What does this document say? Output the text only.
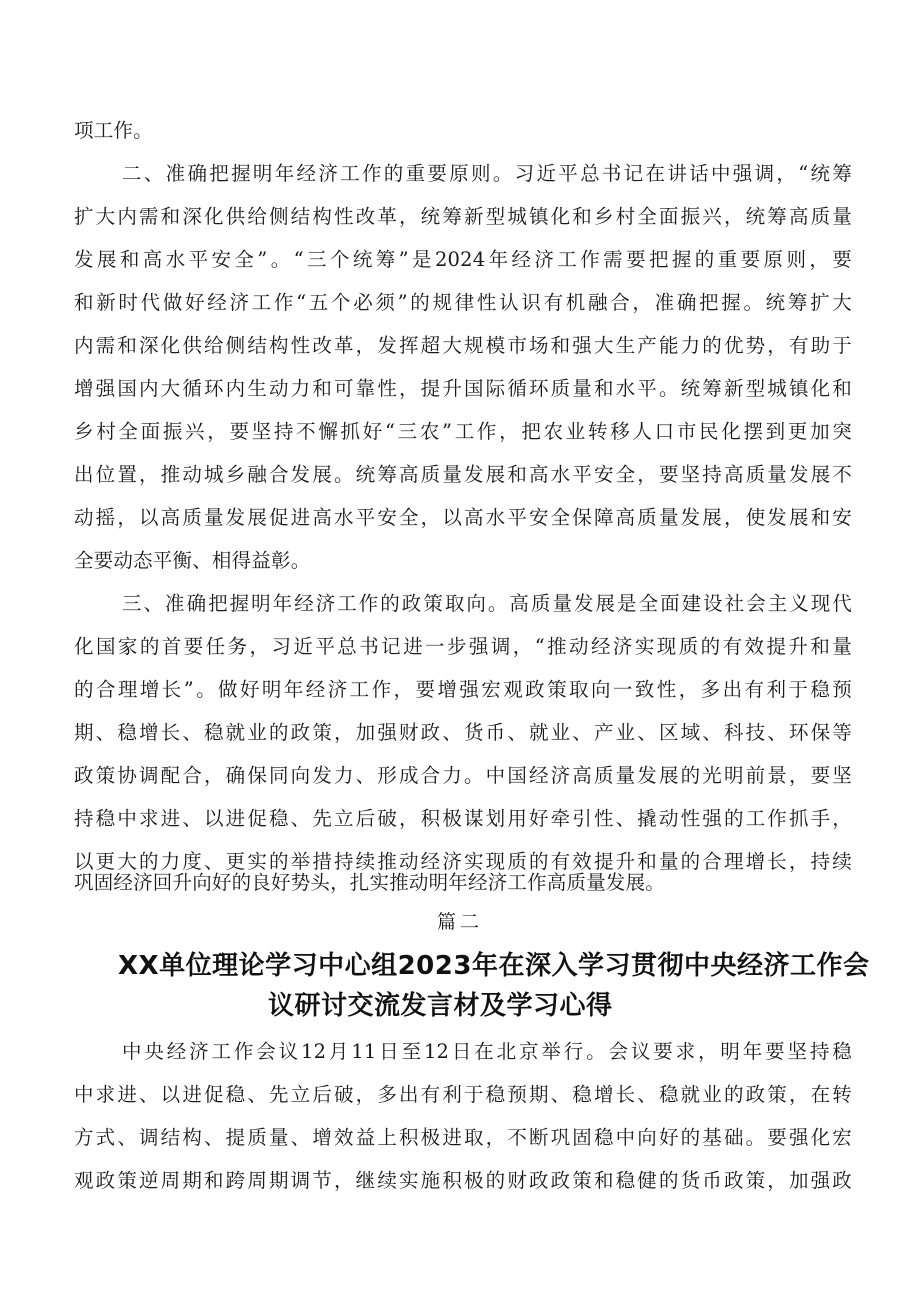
项工作。
二、准确把握明年经济工作的重要原则。习近平总书记在讲话中强调，“统筹
扩大内需和深化供给侧结构性改革，统筹新型城镇化和乡村全面振兴，统筹高质量
发展和高水平安全”。“三个统筹”是2024年经济工作需要把握的重要原则，要
和新时代做好经济工作“五个必须”的规律性认识有机融合，准确把握。统筹扩大
内需和深化供给侧结构性改革，发挥超大规模市场和强大生产能力的优势，有助于
增强国内大循环内生动力和可靠性，提升国际循环质量和水平。统筹新型城镇化和
乡村全面振兴，要坚持不懈抓好“三农”工作，把农业转移人口市民化摆到更加突
出位置，推动城乡融合发展。统筹高质量发展和高水平安全，要坚持高质量发展不
动摇，以高质量发展促进高水平安全，以高水平安全保障高质量发展，使发展和安
全要动态平衡、相得益彰。
三、准确把握明年经济工作的政策取向。高质量发展是全面建设社会主义现代
化国家的首要任务，习近平总书记进一步强调，“推动经济实现质的有效提升和量
的合理增长”。做好明年经济工作，要增强宏观政策取向一致性，多出有利于稳预
期、稳增长、稳就业的政策，加强财政、货币、就业、产业、区域、科技、环保等
政策协调配合，确保同向发力、形成合力。中国经济高质量发展的光明前景，要坚
持稳中求进、以进促稳、先立后破，积极谋划用好牵引性、撬动性强的工作抓手，
以更大的力度、更实的举措持续推动经济实现质的有效提升和量的合理增长，持续
篇二
XX单位理论学习中心组2023年在深入学习贯彻中央经济工作会
议研讨交流发言材及学习心得
中央经济工作会议12月11日至12日在北京举行。会议要求，明年要坚持稳
中求进、以进促稳、先立后破，多出有利于稳预期、稳增长、稳就业的政策，在转
方式、调结构、提质量、增效益上积极进取，不断巩固稳中向好的基础。要强化宏
观政策逆周期和跨周期调节，继续实施积极的财政政策和稳健的货币政策，加强政
巩固经济回升向好的良好势头，扎实推动明年经济工作高质量发展。
